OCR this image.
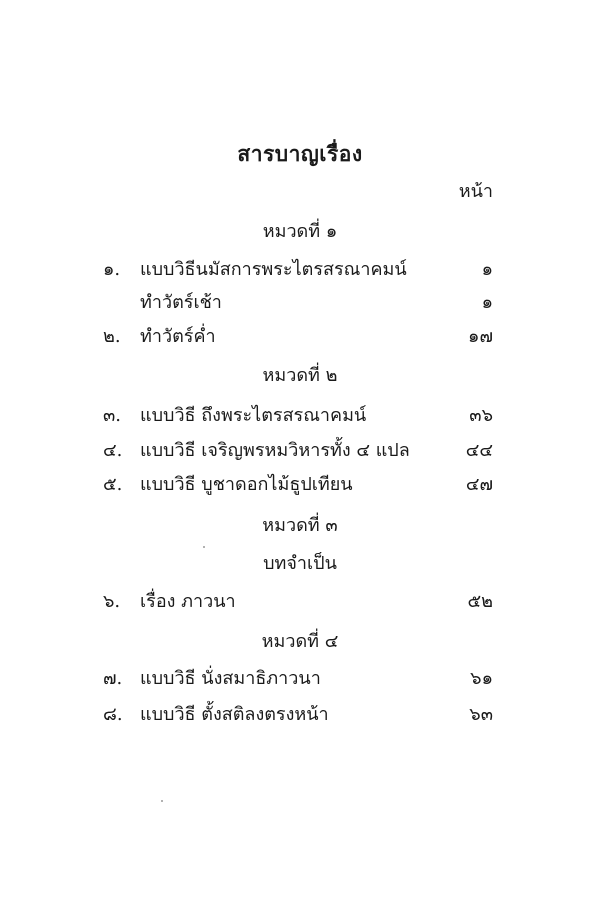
สารบาญเรื่อง
หน้า
หมวดที่ ๑
๑. แบบวิธีนมัสการพระไตรสรณาคมน์	๑
ทำวัตร์เช้า	๑
๒. ทำวัตร์ค่ำ	๑๗
หมวดที่ ๒
๓. แบบวิธี ถึงพระไตรสรณาคมน์	๓๖
๔. แบบวิธี เจริญพรหมวิหารทั้ง ๔ แปล	๔๔
๕. แบบวิธี บูชาดอกไม้ธูปเทียน	๔๗
หมวดที่ ๓
บทจำเป็น
๖. เรื่อง ภาวนา	๕๒
หมวดที่ ๔
๗. แบบวิธี นั่งสมาธิภาวนา	๖๑
๘. แบบวิธี ตั้งสติลงตรงหน้า	๖๓
